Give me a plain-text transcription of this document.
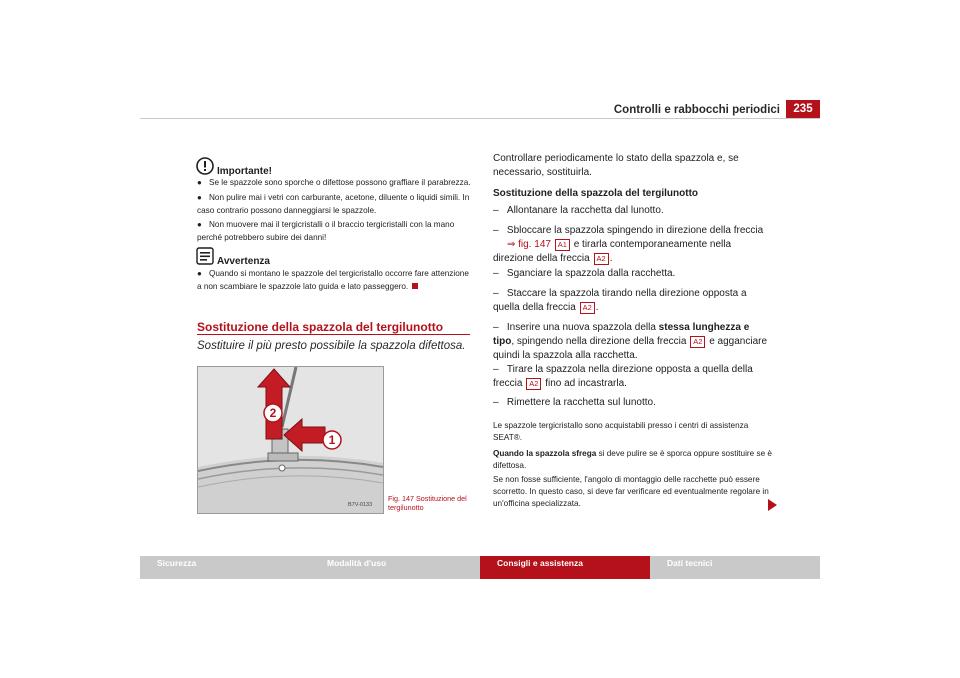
Controlli e rabbocchi periodici	235
Importante!
● Se le spazzole sono sporche o difettose possono graffiare il parabrezza.
● Non pulire mai i vetri con carburante, acetone, diluente o liquidi simili. In caso contrario possono danneggiarsi le spazzole.
● Non muovere mai il tergicristalli o il braccio tergicristalli con la mano perché potrebbero subire dei danni!
Avvertenza
● Quando si montano le spazzole del tergicristallo occorre fare attenzione a non scambiare le spazzole lato guida e lato passeggero.
Sostituzione della spazzola del tergilunotto
Sostituire il più presto possibile la spazzola difettosa.
2
1
B7V-0133
Fig. 147 Sostituzione del tergilunotto
Controllare periodicamente lo stato della spazzola e, se necessario, sostituirla.
Sostituzione della spazzola del tergilunotto
–   Allontanare la racchetta dal lunotto.
–   Sbloccare la spazzola spingendo in direzione della freccia
⇒ fig. 147 A1 e tirarla contemporaneamente nella direzione della freccia A2 .
–   Sganciare la spazzola dalla racchetta.
–   Staccare la spazzola tirando nella direzione opposta a quella della freccia A2 .
–   Inserire una nuova spazzola della stessa lunghezza e tipo, spingendo nella direzione della freccia A2 e agganciare quindi la spazzola alla racchetta.
–   Tirare la spazzola nella direzione opposta a quella della freccia A2 fino ad incastrarla.
–   Rimettere la racchetta sul lunotto.
Le spazzole tergicristallo sono acquistabili presso i centri di assistenza SEAT®.
Quando la spazzola sfrega si deve pulire se è sporca oppure sostituire se è difettosa.
Se non fosse sufficiente, l'angolo di montaggio delle racchette può essere scorretto. In questo caso, si deve far verificare ed eventualmente regolare in un'officina specializzata.
Sicurezza	Modalità d'uso	Consigli e assistenza	Dati tecnici
